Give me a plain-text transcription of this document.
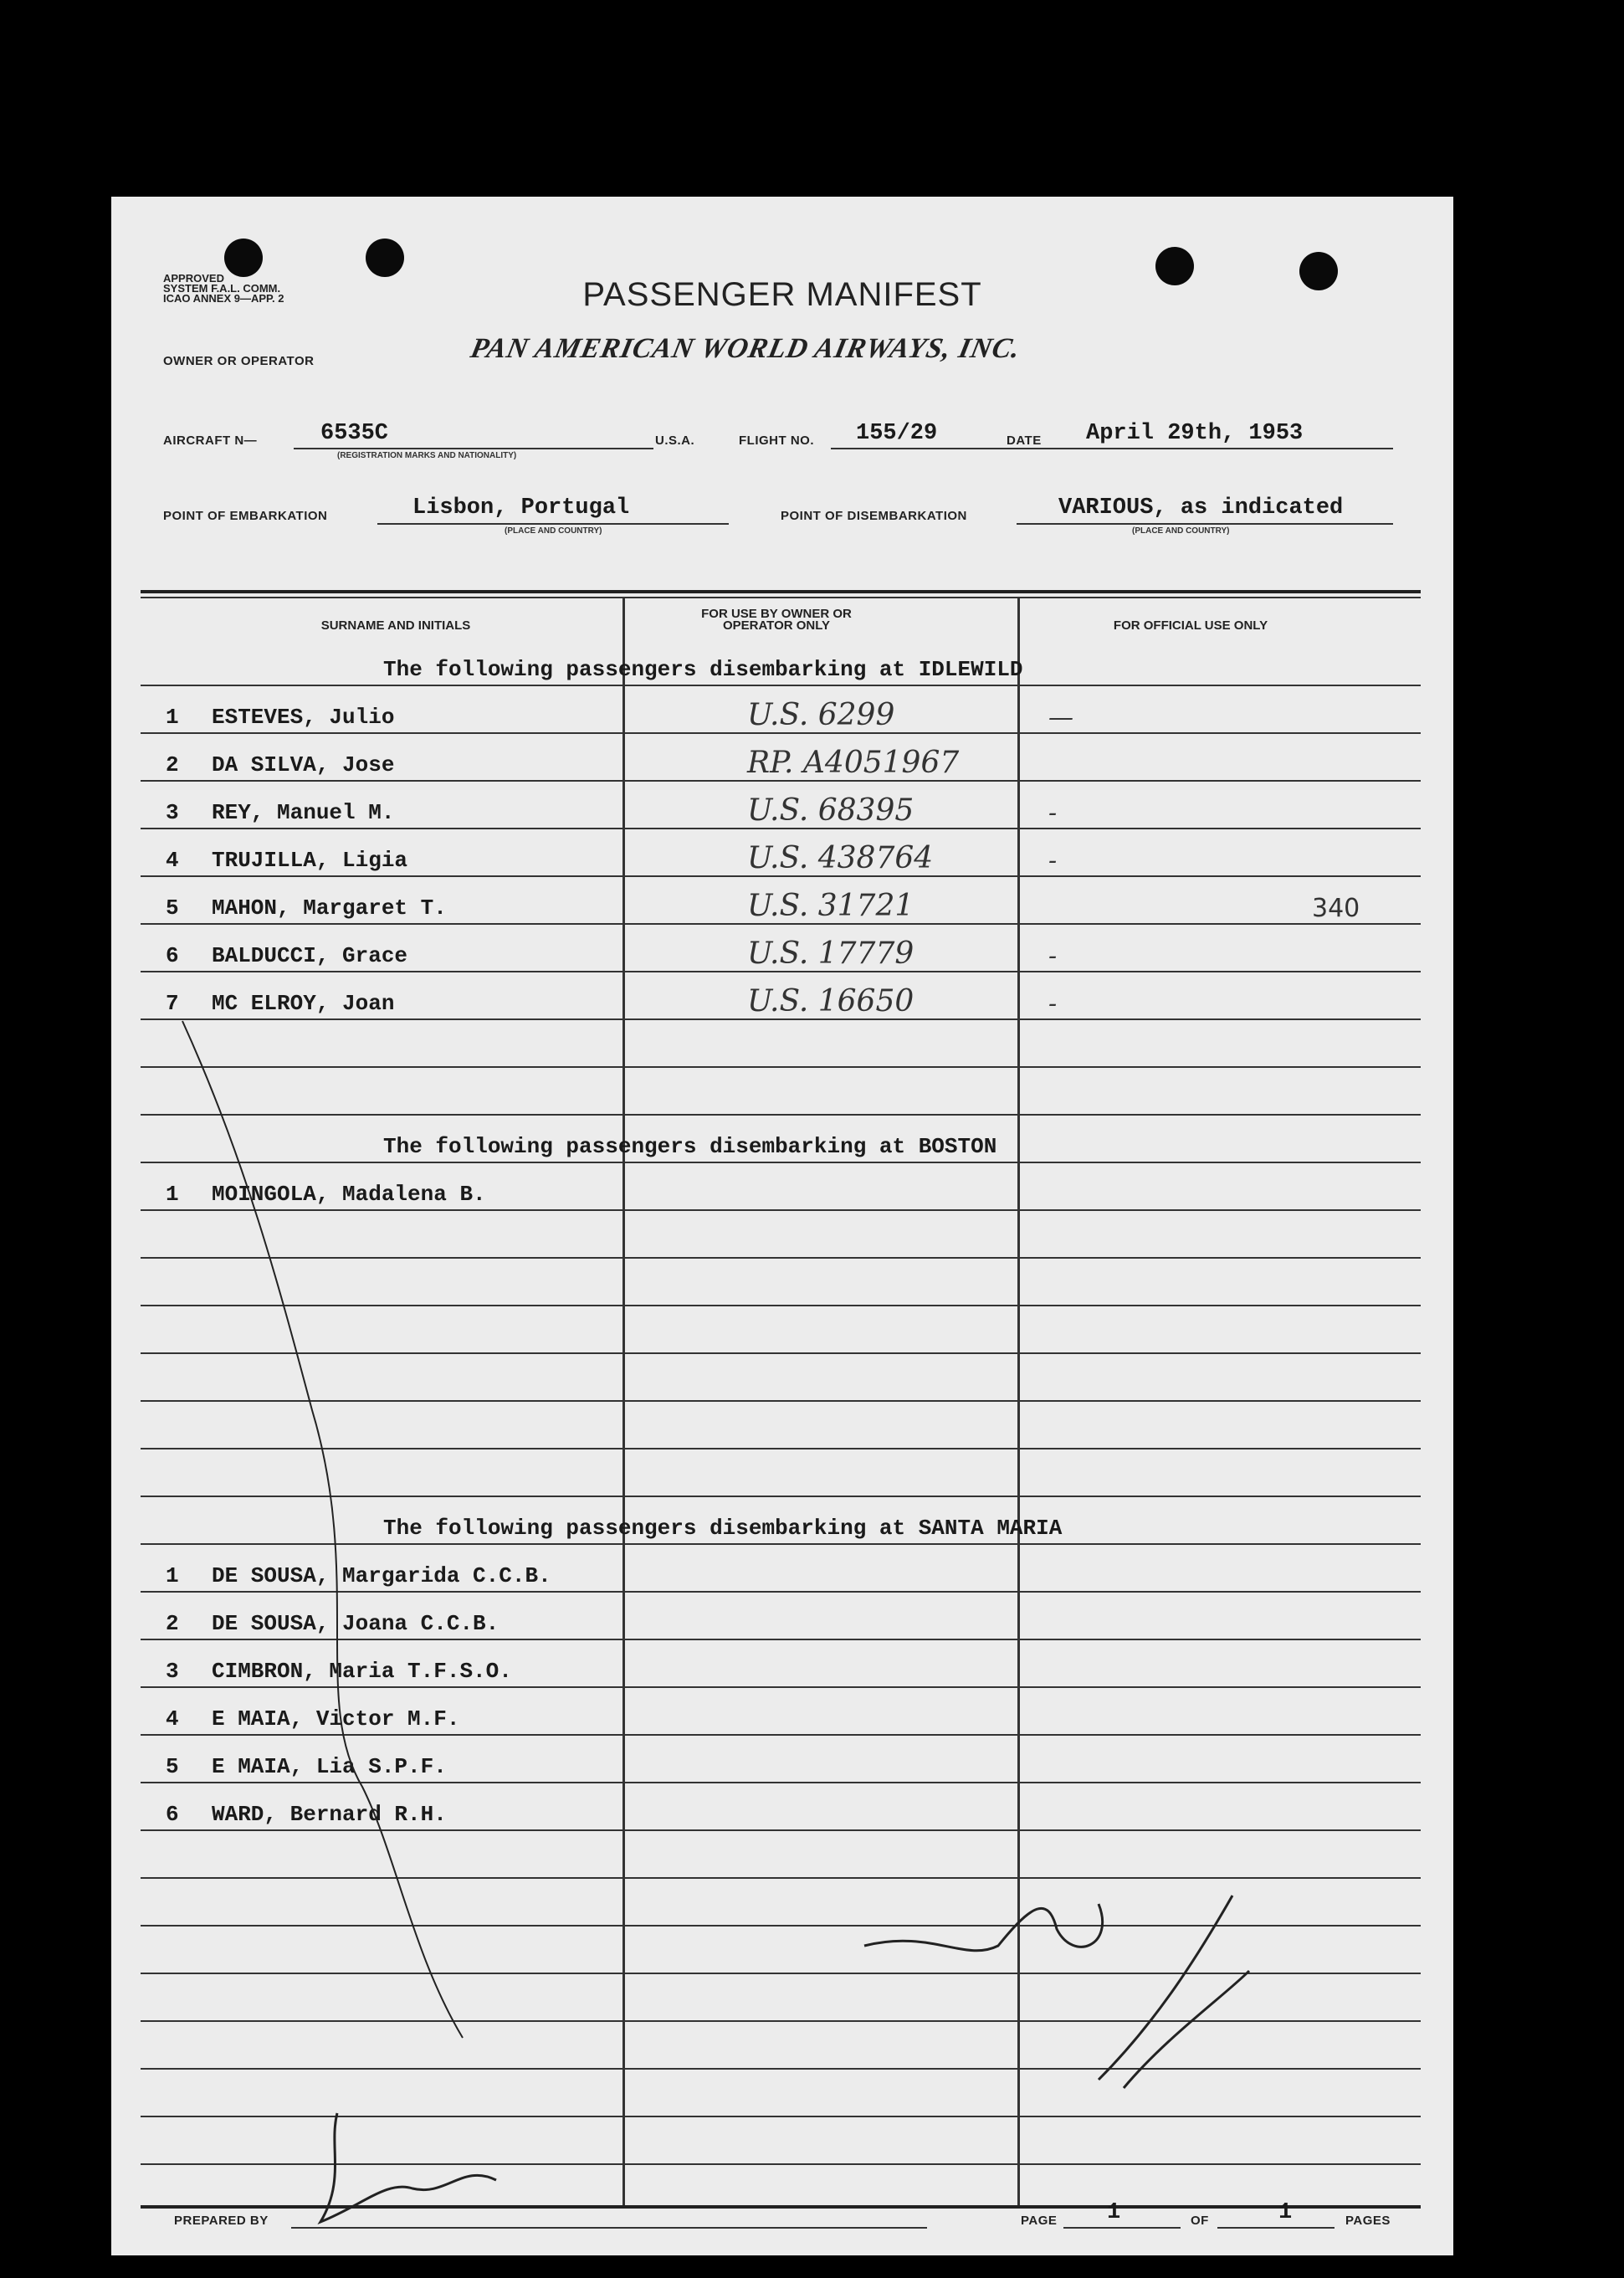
APPROVED
SYSTEM F.A.L. COMM.
ICAO ANNEX 9—APP. 2	PASSENGER MANIFEST
OWNER OR OPERATOR	PAN AMERICAN WORLD AIRWAYS, INC.
AIRCRAFT N—	6535C
(REGISTRATION MARKS AND NATIONALITY)
U.S.A.	FLIGHT NO. 155/29	DATE April 29th, 1953
POINT OF EMBARKATION	Lisbon, Portugal
(PLACE AND COUNTRY)
POINT OF DISEMBARKATION	VARIOUS, as indicated
(PLACE AND COUNTRY)
SURNAME AND INITIALS
FOR USE BY OWNER OR OPERATOR ONLY	FOR OFFICIAL USE ONLY
The following passengers disembarking at IDLEWILD
1 ESTEVES, Julio	U.S. 6299	—
2 DA SILVA, Jose	RP. A4051967
3 REY, Manuel M.	U.S. 68395	-
4 TRUJILLA, Ligia	U.S. 438764	-
5 MAHON, Margaret T.	U.S. 31721	340
6 BALDUCCI, Grace	U.S. 17779	-
7 MC ELROY, Joan	U.S. 16650	-
The following passengers disembarking at BOSTON
1 MOINGOLA, Madalena B.
The following passengers disembarking at SANTA MARIA
1 DE SOUSA, Margarida C.C.B.
2 DE SOUSA, Joana C.C.B.
3 CIMBRON, Maria T.F.S.O.
4 E MAIA, Victor M.F.
5 E MAIA, Lia S.P.F.
6 WARD, Bernard R.H.
PREPARED BY	PAGE 1	OF	1	PAGES
